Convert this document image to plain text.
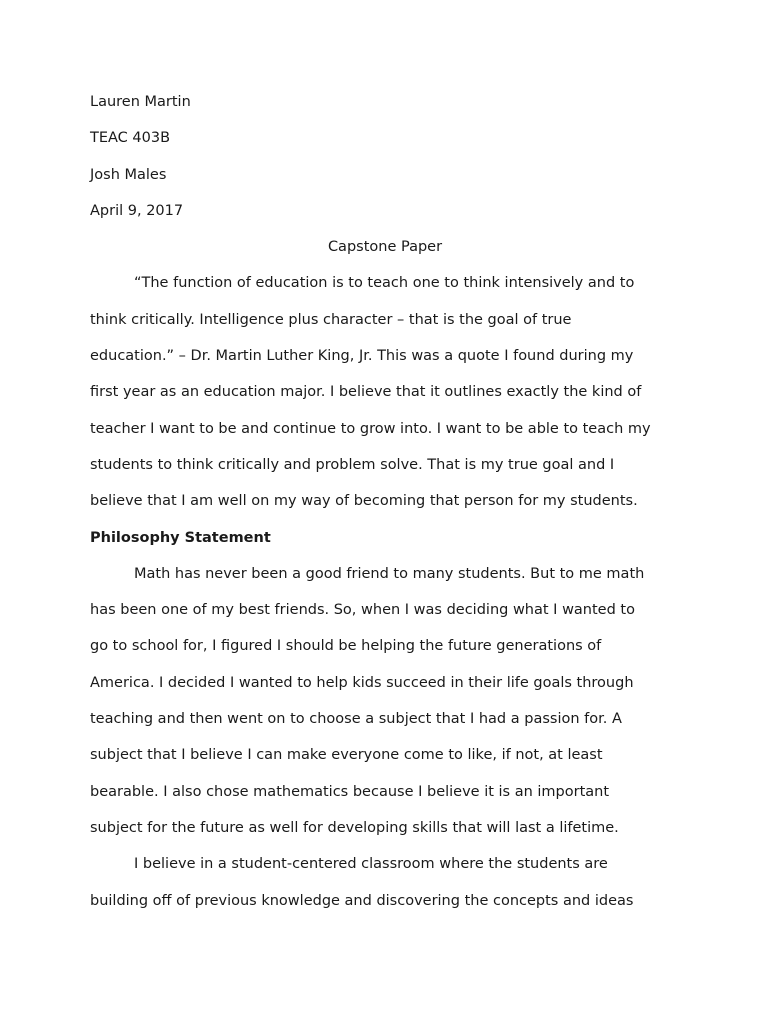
Lauren Martin
TEAC 403B
Josh Males
April 9, 2017
Capstone Paper
“The function of education is to teach one to think intensively and to
think critically. Intelligence plus character – that is the goal of true
education.” – Dr. Martin Luther King, Jr. This was a quote I found during my
first year as an education major. I believe that it outlines exactly the kind of
teacher I want to be and continue to grow into. I want to be able to teach my
students to think critically and problem solve. That is my true goal and I
believe that I am well on my way of becoming that person for my students.
Philosophy Statement
Math has never been a good friend to many students. But to me math
has been one of my best friends. So, when I was deciding what I wanted to
go to school for, I figured I should be helping the future generations of
America. I decided I wanted to help kids succeed in their life goals through
teaching and then went on to choose a subject that I had a passion for. A
subject that I believe I can make everyone come to like, if not, at least
bearable. I also chose mathematics because I believe it is an important
subject for the future as well for developing skills that will last a lifetime.
I believe in a student-centered classroom where the students are
building off of previous knowledge and discovering the concepts and ideas
